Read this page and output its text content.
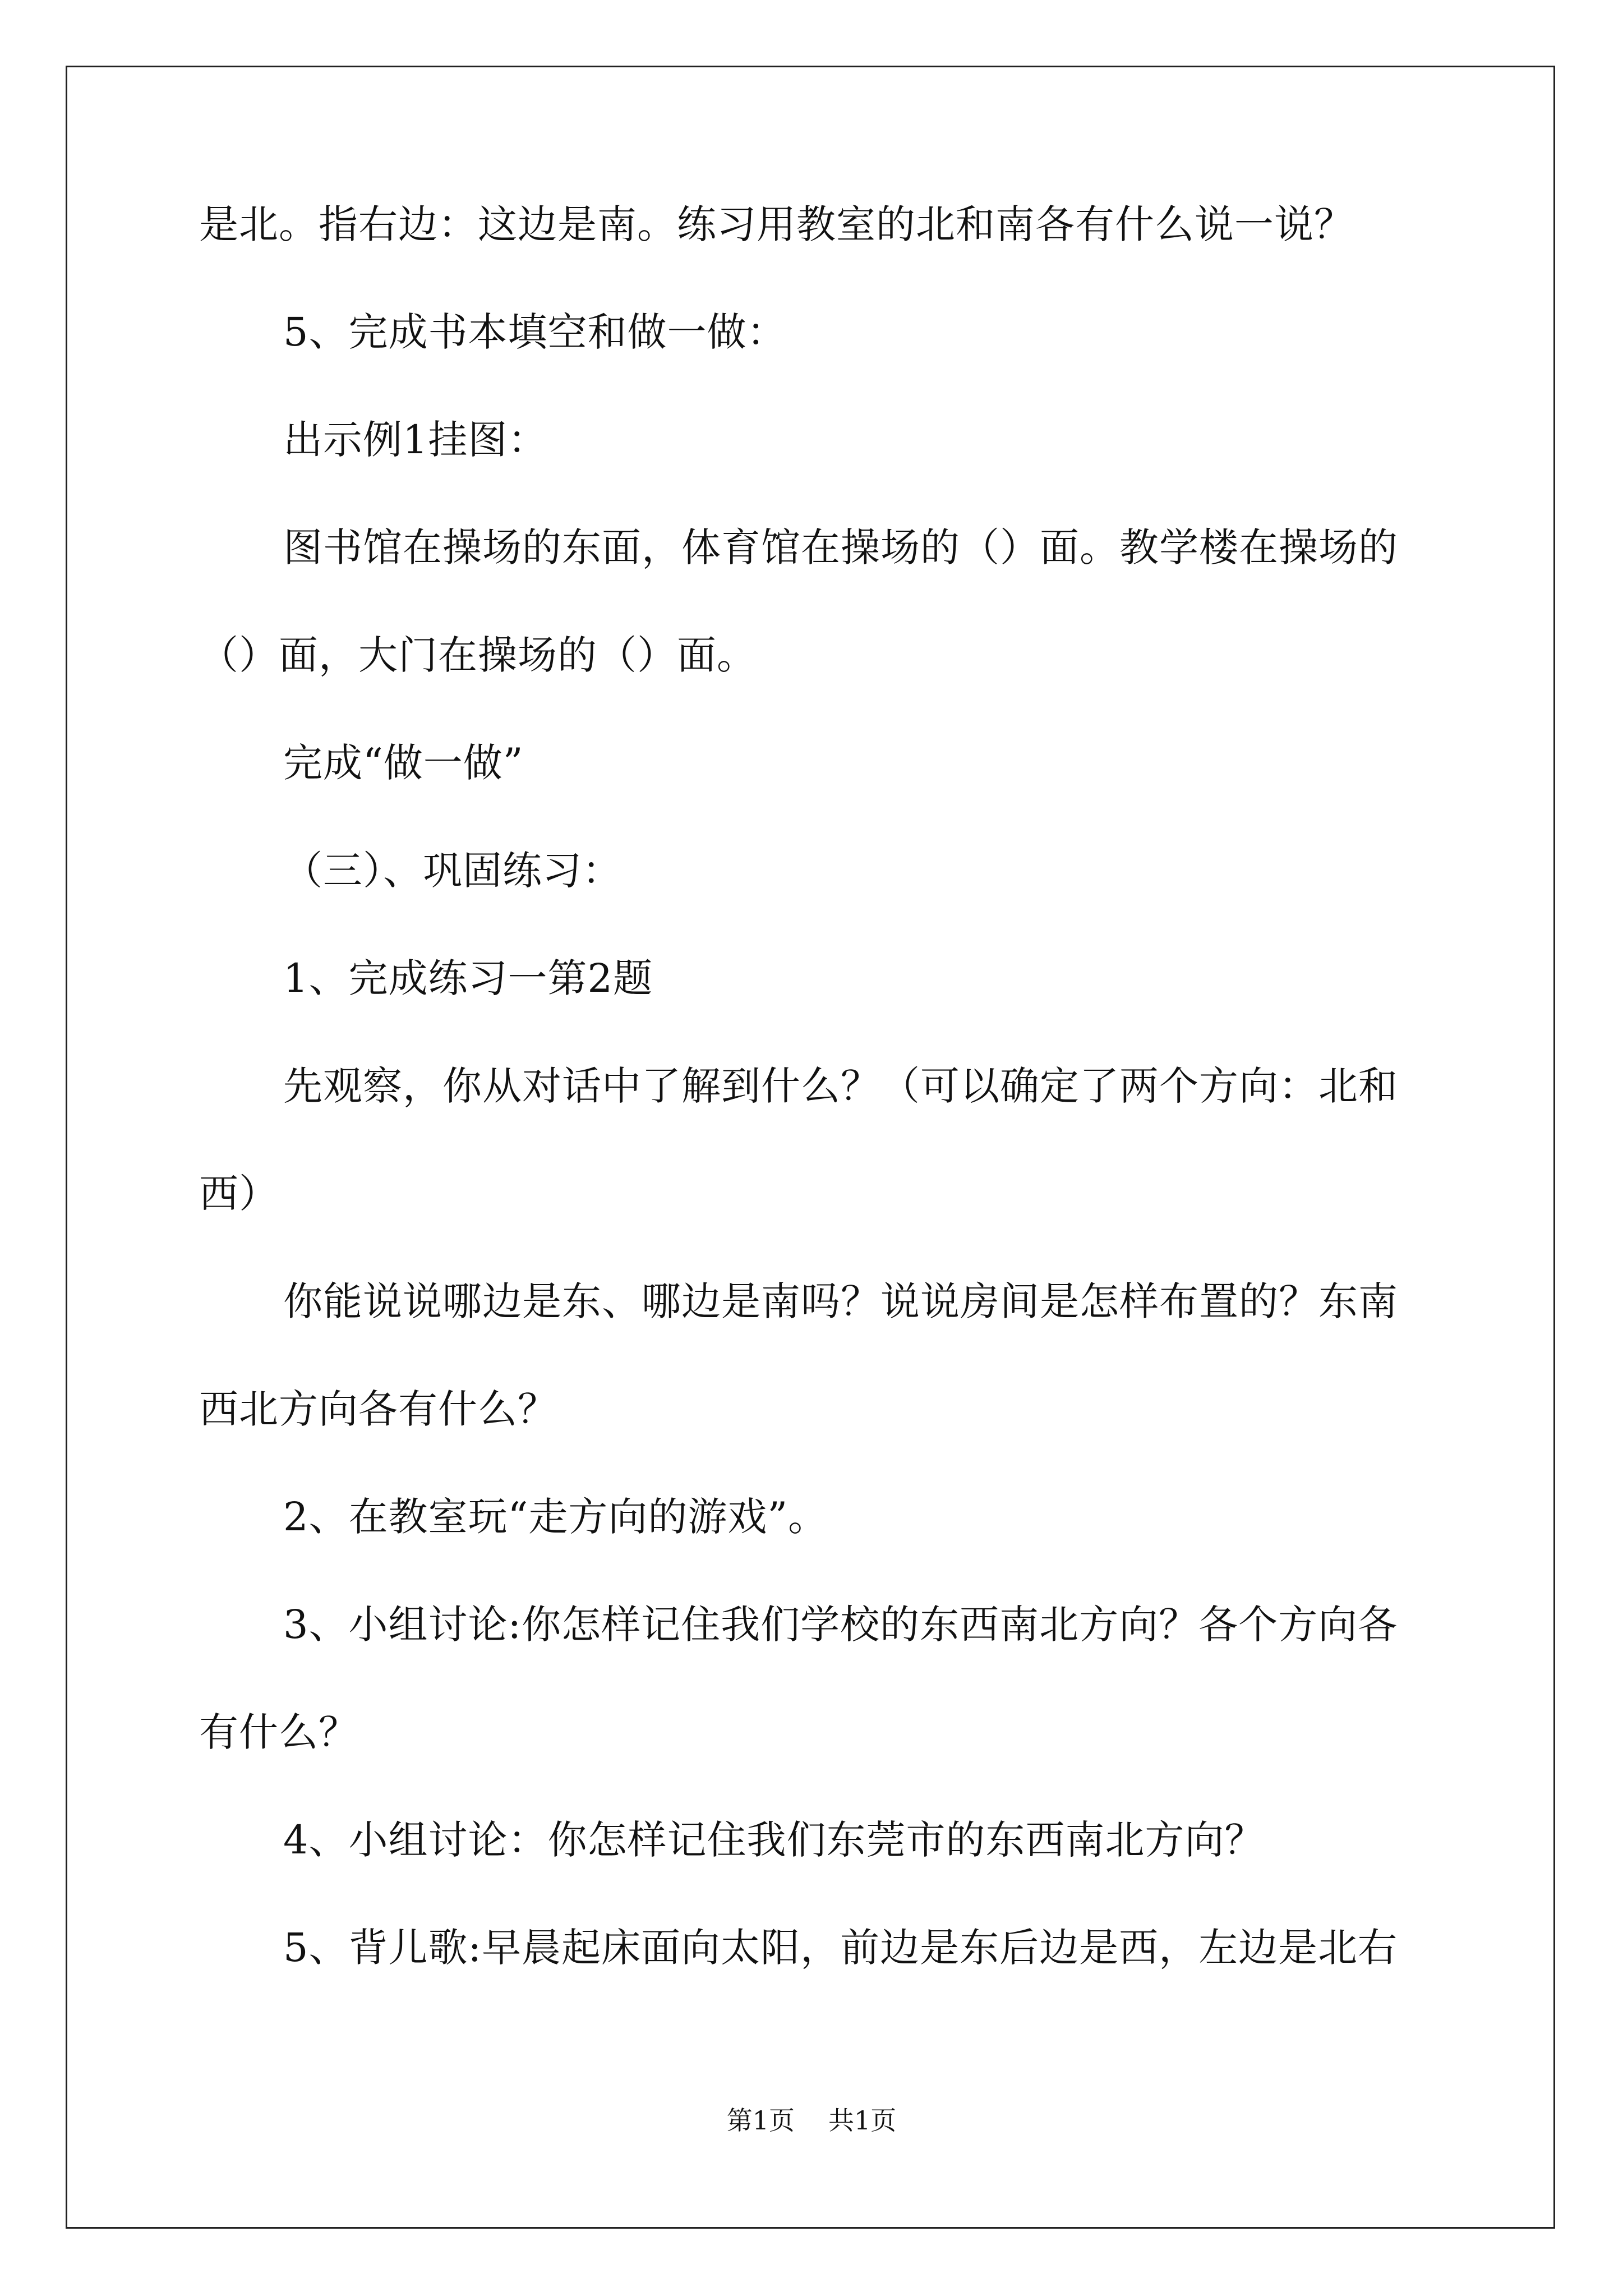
是北。指右边：这边是南。练习用教室的北和南各有什么说一说？
5、完成书本填空和做一做：
出示例1挂图：
图书馆在操场的东面，体育馆在操场的（）面。教学楼在操场的
（）面，大门在操场的（）面。
完成“做一做”
（三）、巩固练习：
1、完成练习一第2题
先观察，你从对话中了解到什么？（可以确定了两个方向：北和
西）
你能说说哪边是东、哪边是南吗？说说房间是怎样布置的？东南
西北方向各有什么？
2、在教室玩“走方向的游戏”。
3、小组讨论:你怎样记住我们学校的东西南北方向？各个方向各
有什么？
4、小组讨论：你怎样记住我们东莞市的东西南北方向？
5、背儿歌:早晨起床面向太阳，前边是东后边是西，左边是北右
第1页 共1页
